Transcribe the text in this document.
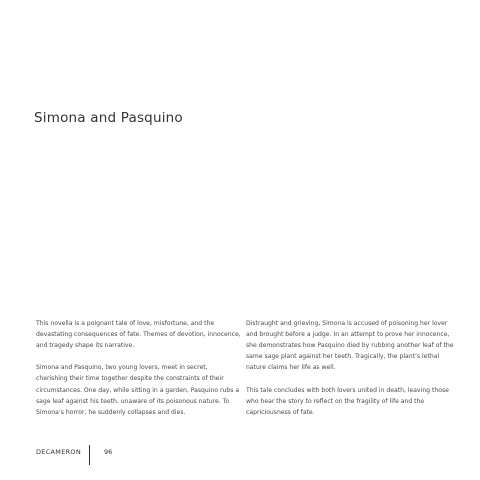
Simona and Pasquino

This novella is a poignant tale of love, misfortune, and the devastating consequences of fate. Themes of devotion, innocence, and tragedy shape its narrative.

Simona and Pasquino, two young lovers, meet in secret, cherishing their time together despite the constraints of their circumstances. One day, while sitting in a garden, Pasquino rubs a sage leaf against his teeth, unaware of its poisonous nature. To Simona’s horror, he suddenly collapses and dies.

Distraught and grieving, Simona is accused of poisoning her lover and brought before a judge. In an attempt to prove her innocence, she demonstrates how Pasquino died by rubbing another leaf of the same sage plant against her teeth. Tragically, the plant’s lethal nature claims her life as well.

This tale concludes with both lovers united in death, leaving those who hear the story to reflect on the fragility of life and the capriciousness of fate.

DECAMERON	96
